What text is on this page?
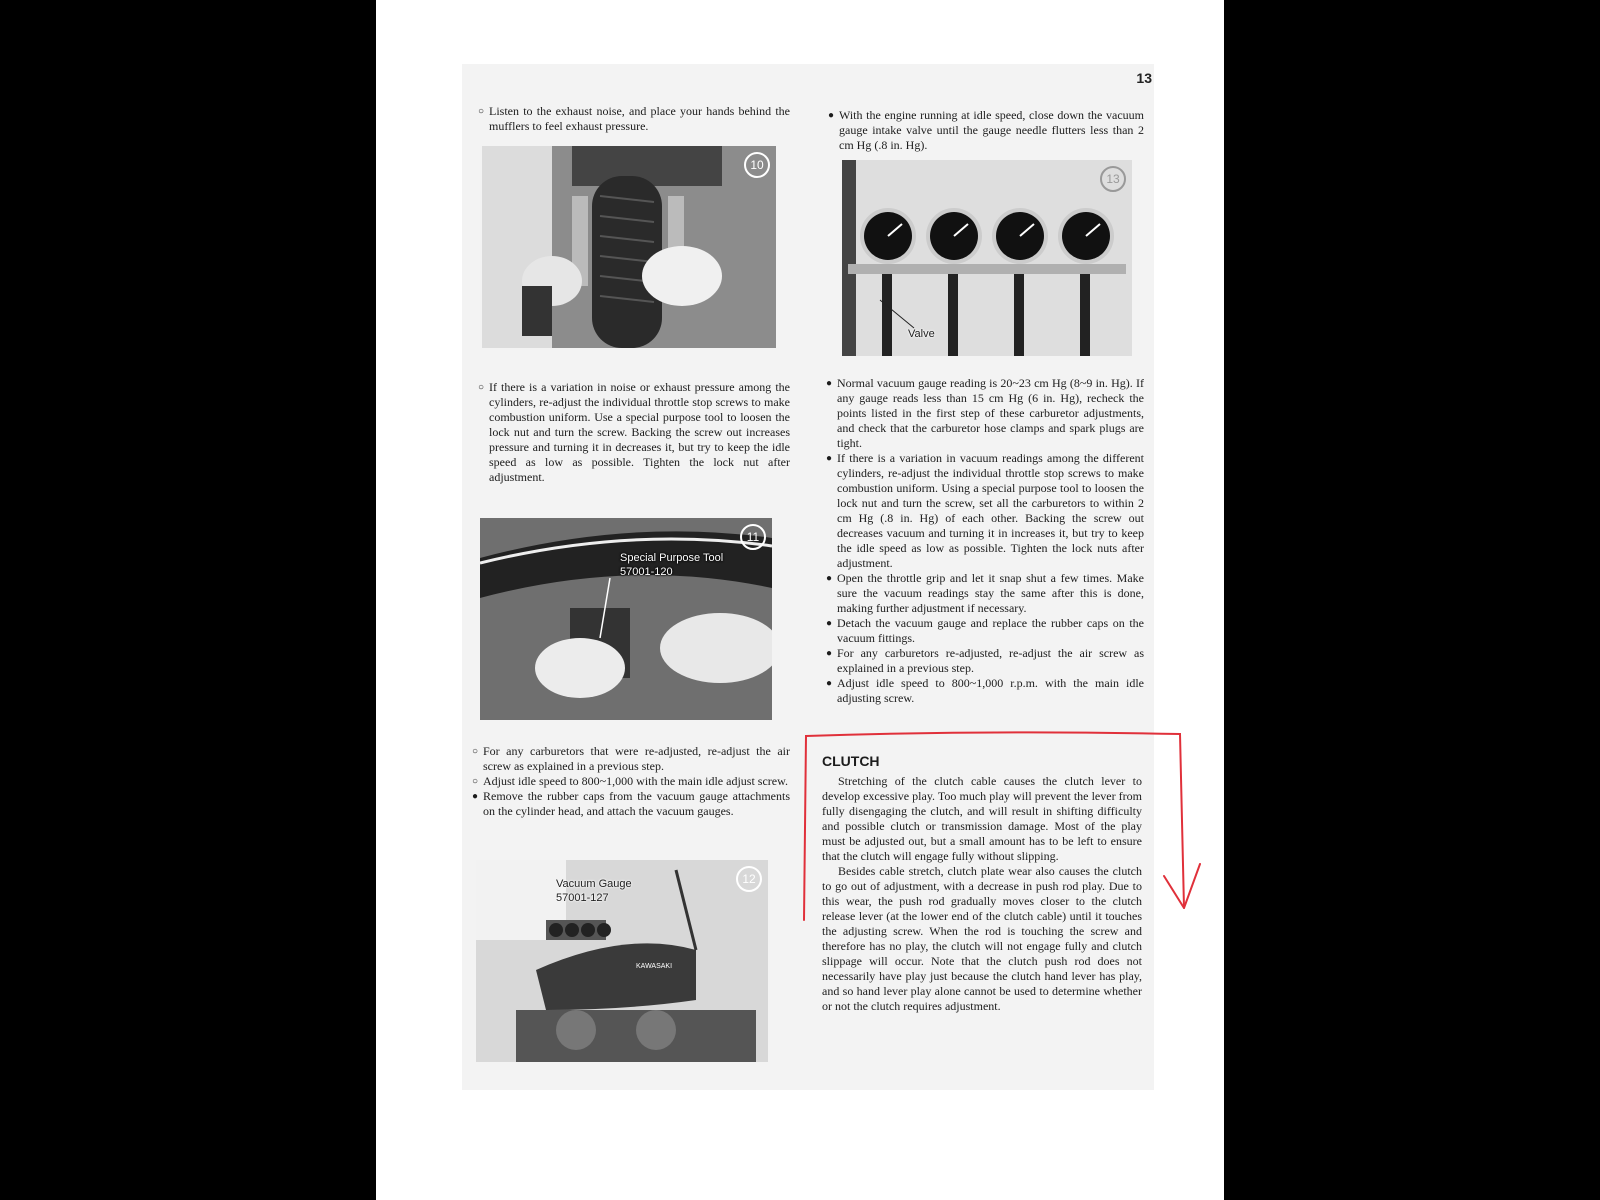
13

○ Listen to the exhaust noise, and place your hands behind the mufflers to feel exhaust pressure.

10

○ If there is a variation in noise or exhaust pressure among the cylinders, re-adjust the individual throttle stop screws to make combustion uniform. Use a special purpose tool to loosen the lock nut and turn the screw. Backing the screw out increases pressure and turning it in decreases it, but try to keep the idle speed as low as possible. Tighten the lock nut after adjustment.

11
Special Purpose Tool
57001-120

○ For any carburetors that were re-adjusted, re-adjust the air screw as explained in a previous step.

○ Adjust idle speed to 800~1,000 with the main idle adjust screw.

● Remove the rubber caps from the vacuum gauge attachments on the cylinder head, and attach the vacuum gauges.

12
Vacuum Gauge
57001-127
KAWASAKI

● With the engine running at idle speed, close down the vacuum gauge intake valve until the gauge needle flutters less than 2 cm Hg (.8 in. Hg).

13
Valve

● Normal vacuum gauge reading is 20~23 cm Hg (8~9 in. Hg). If any gauge reads less than 15 cm Hg (6 in. Hg), recheck the points listed in the first step of these carburetor adjustments, and check that the carburetor hose clamps and spark plugs are tight.

● If there is a variation in vacuum readings among the different cylinders, re-adjust the individual throttle stop screws to make combustion uniform. Using a special purpose tool to loosen the lock nut and turn the screw, set all the carburetors to within 2 cm Hg (.8 in. Hg) of each other. Backing the screw out decreases vacuum and turning it in increases it, but try to keep the idle speed as low as possible. Tighten the lock nuts after adjustment.

● Open the throttle grip and let it snap shut a few times. Make sure the vacuum readings stay the same after this is done, making further adjustment if necessary.

● Detach the vacuum gauge and replace the rubber caps on the vacuum fittings.

● For any carburetors re-adjusted, re-adjust the air screw as explained in a previous step.

● Adjust idle speed to 800~1,000 r.p.m. with the main idle adjusting screw.

CLUTCH

Stretching of the clutch cable causes the clutch lever to develop excessive play. Too much play will prevent the lever from fully disengaging the clutch, and will result in shifting difficulty and possible clutch or transmission damage. Most of the play must be adjusted out, but a small amount has to be left to ensure that the clutch will engage fully without slipping.

Besides cable stretch, clutch plate wear also causes the clutch to go out of adjustment, with a decrease in push rod play. Due to this wear, the push rod gradually moves closer to the clutch release lever (at the lower end of the clutch cable) until it touches the adjusting screw. When the rod is touching the screw and therefore has no play, the clutch will not engage fully and clutch slippage will occur. Note that the clutch push rod does not necessarily have play just because the clutch hand lever has play, and so hand lever play alone cannot be used to determine whether or not the clutch requires adjustment.
